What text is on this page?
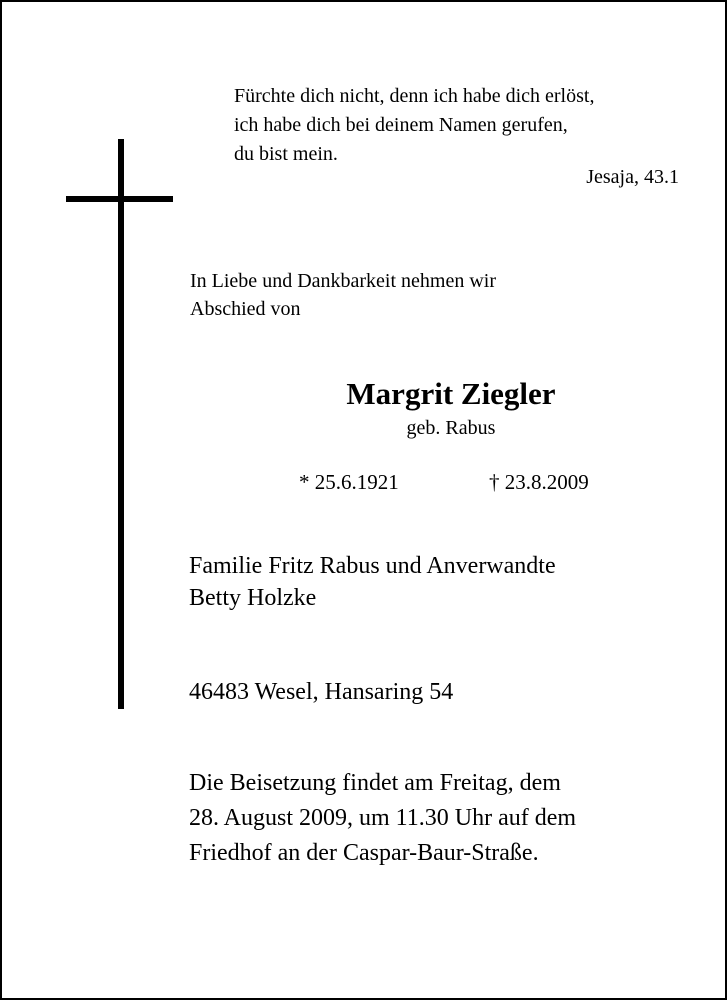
Fürchte dich nicht, denn ich habe dich erlöst,
ich habe dich bei deinem Namen gerufen,
du bist mein.
Jesaja, 43.1
In Liebe und Dankbarkeit nehmen wir
Abschied von
Margrit Ziegler
geb. Rabus
* 25.6.1921	† 23.8.2009
Familie Fritz Rabus und Anverwandte
Betty Holzke
46483 Wesel, Hansaring 54
Die Beisetzung findet am Freitag, dem
28. August 2009, um 11.30 Uhr auf dem
Friedhof an der Caspar-Baur-Straße.
